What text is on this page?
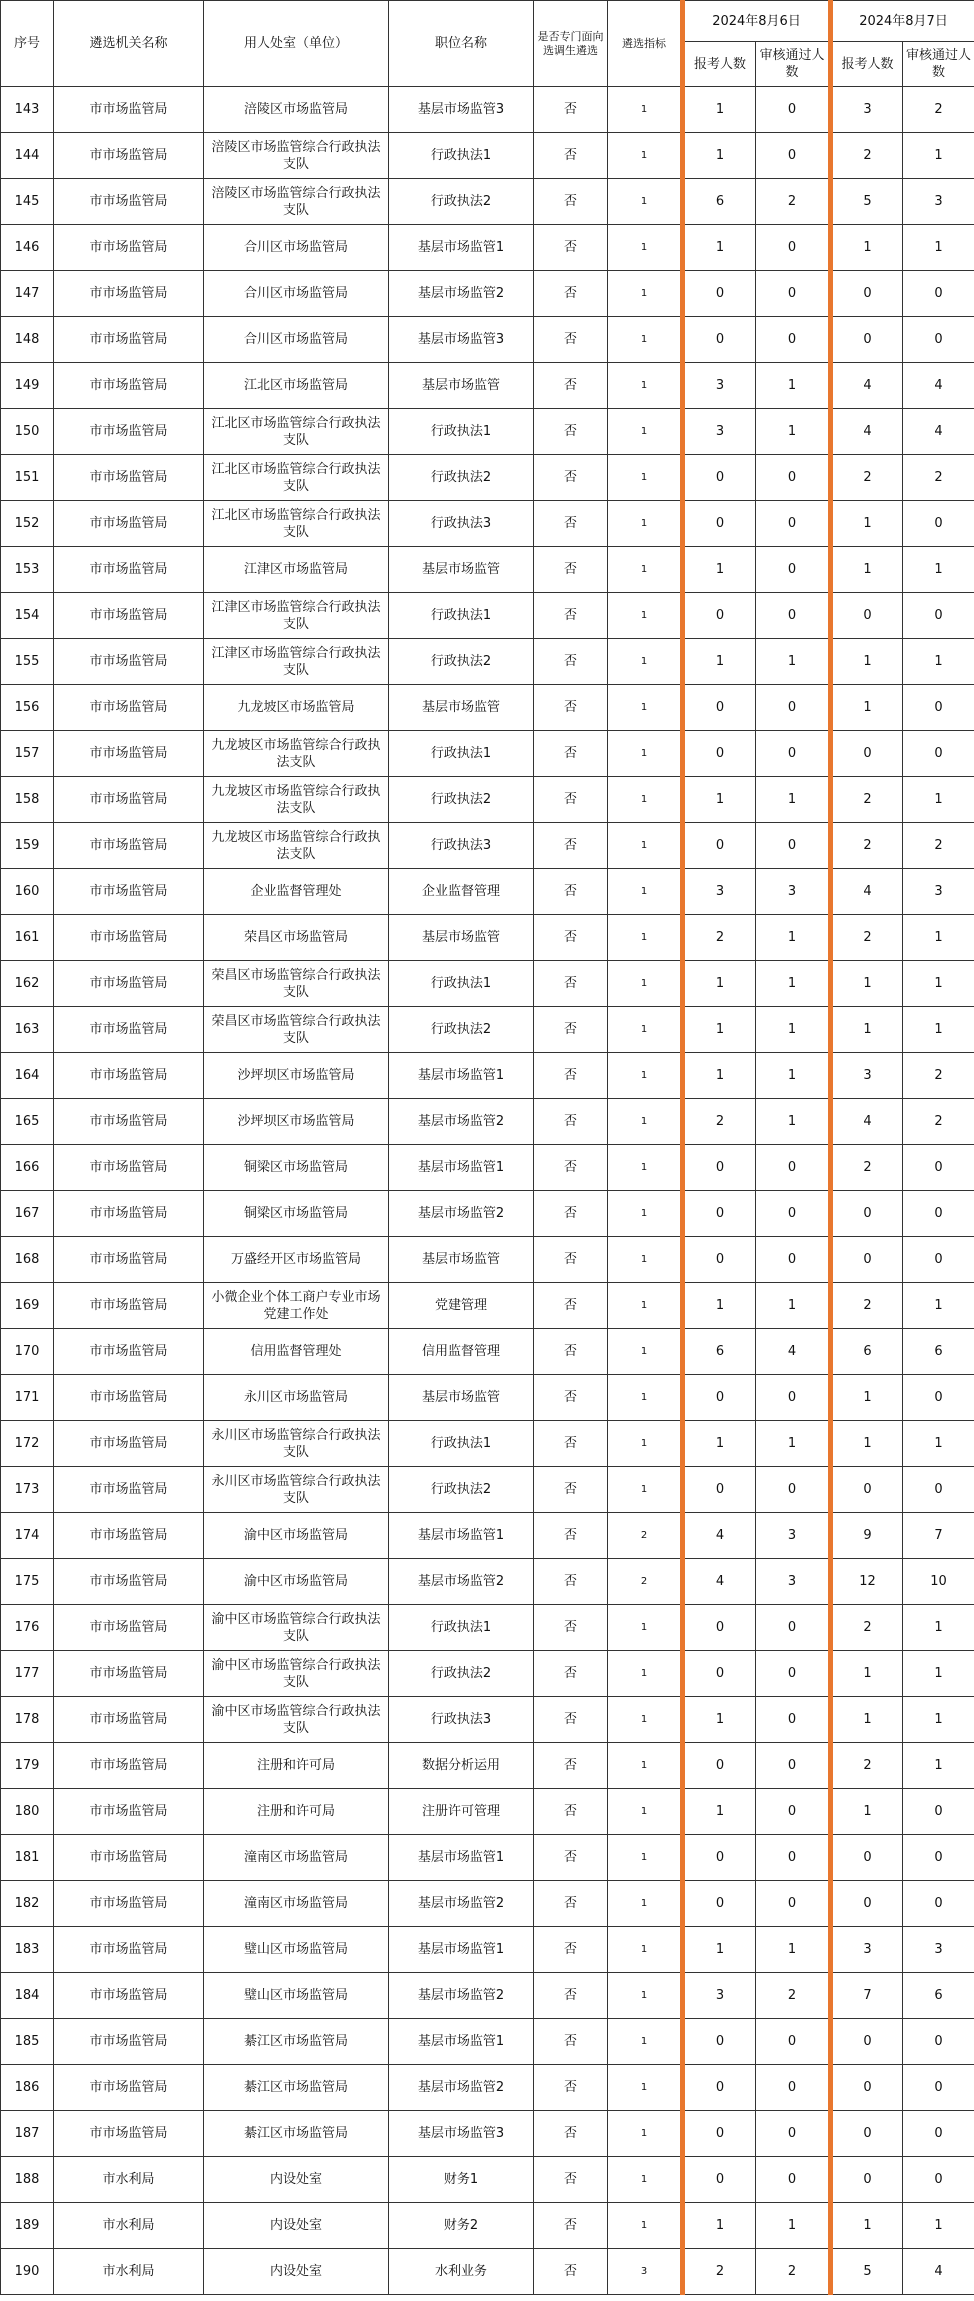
序号	遴选机关名称	用人处室（单位）	职位名称	是否专门面向选调生遴选	遴选指标	2024年8月6日		2024年8月7日	
						报考人数	审核通过人数	报考人数	审核通过人数
143	市市场监管局	涪陵区市场监管局	基层市场监管3	否	1	1	0	3	2
144	市市场监管局	涪陵区市场监管综合行政执法支队	行政执法1	否	1	1	0	2	1
145	市市场监管局	涪陵区市场监管综合行政执法支队	行政执法2	否	1	6	2	5	3
146	市市场监管局	合川区市场监管局	基层市场监管1	否	1	1	0	1	1
147	市市场监管局	合川区市场监管局	基层市场监管2	否	1	0	0	0	0
148	市市场监管局	合川区市场监管局	基层市场监管3	否	1	0	0	0	0
149	市市场监管局	江北区市场监管局	基层市场监管	否	1	3	1	4	4
150	市市场监管局	江北区市场监管综合行政执法支队	行政执法1	否	1	3	1	4	4
151	市市场监管局	江北区市场监管综合行政执法支队	行政执法2	否	1	0	0	2	2
152	市市场监管局	江北区市场监管综合行政执法支队	行政执法3	否	1	0	0	1	0
153	市市场监管局	江津区市场监管局	基层市场监管	否	1	1	0	1	1
154	市市场监管局	江津区市场监管综合行政执法支队	行政执法1	否	1	0	0	0	0
155	市市场监管局	江津区市场监管综合行政执法支队	行政执法2	否	1	1	1	1	1
156	市市场监管局	九龙坡区市场监管局	基层市场监管	否	1	0	0	1	0
157	市市场监管局	九龙坡区市场监管综合行政执法支队	行政执法1	否	1	0	0	0	0
158	市市场监管局	九龙坡区市场监管综合行政执法支队	行政执法2	否	1	1	1	2	1
159	市市场监管局	九龙坡区市场监管综合行政执法支队	行政执法3	否	1	0	0	2	2
160	市市场监管局	企业监督管理处	企业监督管理	否	1	3	3	4	3
161	市市场监管局	荣昌区市场监管局	基层市场监管	否	1	2	1	2	1
162	市市场监管局	荣昌区市场监管综合行政执法支队	行政执法1	否	1	1	1	1	1
163	市市场监管局	荣昌区市场监管综合行政执法支队	行政执法2	否	1	1	1	1	1
164	市市场监管局	沙坪坝区市场监管局	基层市场监管1	否	1	1	1	3	2
165	市市场监管局	沙坪坝区市场监管局	基层市场监管2	否	1	2	1	4	2
166	市市场监管局	铜梁区市场监管局	基层市场监管1	否	1	0	0	2	0
167	市市场监管局	铜梁区市场监管局	基层市场监管2	否	1	0	0	0	0
168	市市场监管局	万盛经开区市场监管局	基层市场监管	否	1	0	0	0	0
169	市市场监管局	小微企业个体工商户专业市场党建工作处	党建管理	否	1	1	1	2	1
170	市市场监管局	信用监督管理处	信用监督管理	否	1	6	4	6	6
171	市市场监管局	永川区市场监管局	基层市场监管	否	1	0	0	1	0
172	市市场监管局	永川区市场监管综合行政执法支队	行政执法1	否	1	1	1	1	1
173	市市场监管局	永川区市场监管综合行政执法支队	行政执法2	否	1	0	0	0	0
174	市市场监管局	渝中区市场监管局	基层市场监管1	否	2	4	3	9	7
175	市市场监管局	渝中区市场监管局	基层市场监管2	否	2	4	3	12	10
176	市市场监管局	渝中区市场监管综合行政执法支队	行政执法1	否	1	0	0	2	1
177	市市场监管局	渝中区市场监管综合行政执法支队	行政执法2	否	1	0	0	1	1
178	市市场监管局	渝中区市场监管综合行政执法支队	行政执法3	否	1	1	0	1	1
179	市市场监管局	注册和许可局	数据分析运用	否	1	0	0	2	1
180	市市场监管局	注册和许可局	注册许可管理	否	1	1	0	1	0
181	市市场监管局	潼南区市场监管局	基层市场监管1	否	1	0	0	0	0
182	市市场监管局	潼南区市场监管局	基层市场监管2	否	1	0	0	0	0
183	市市场监管局	璧山区市场监管局	基层市场监管1	否	1	1	1	3	3
184	市市场监管局	璧山区市场监管局	基层市场监管2	否	1	3	2	7	6
185	市市场监管局	綦江区市场监管局	基层市场监管1	否	1	0	0	0	0
186	市市场监管局	綦江区市场监管局	基层市场监管2	否	1	0	0	0	0
187	市市场监管局	綦江区市场监管局	基层市场监管3	否	1	0	0	0	0
188	市水利局	内设处室	财务1	否	1	0	0	0	0
189	市水利局	内设处室	财务2	否	1	1	1	1	1
190	市水利局	内设处室	水利业务	否	3	2	2	5	4
